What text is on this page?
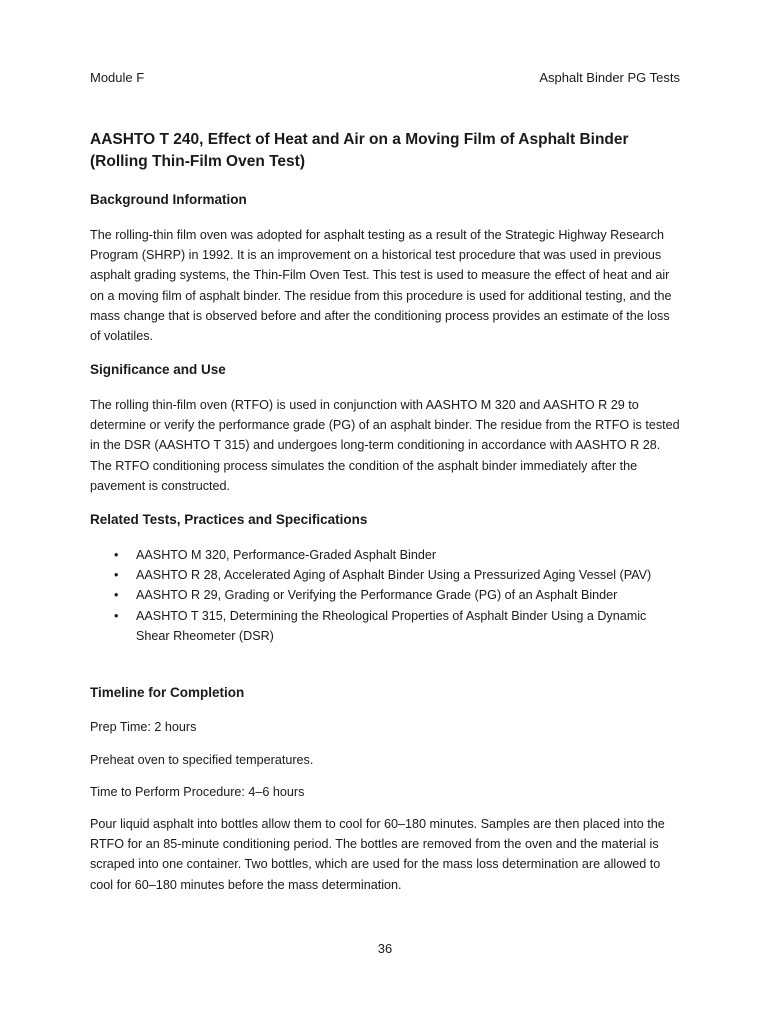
Module F	Asphalt Binder PG Tests
AASHTO T 240, Effect of Heat and Air on a Moving Film of Asphalt Binder (Rolling Thin-Film Oven Test)
Background Information

The rolling-thin film oven was adopted for asphalt testing as a result of the Strategic Highway Research Program (SHRP) in 1992. It is an improvement on a historical test procedure that was used in previous asphalt grading systems, the Thin-Film Oven Test. This test is used to measure the effect of heat and air on a moving film of asphalt binder. The residue from this procedure is used for additional testing, and the mass change that is observed before and after the conditioning process provides an estimate of the loss of volatiles.

Significance and Use

The rolling thin-film oven (RTFO) is used in conjunction with AASHTO M 320 and AASHTO R 29 to determine or verify the performance grade (PG) of an asphalt binder. The residue from the RTFO is tested in the DSR (AASHTO T 315) and undergoes long-term conditioning in accordance with AASHTO R 28. The RTFO conditioning process simulates the condition of the asphalt binder immediately after the pavement is constructed.

Related Tests, Practices and Specifications
• AASHTO M 320, Performance-Graded Asphalt Binder
• AASHTO R 28, Accelerated Aging of Asphalt Binder Using a Pressurized Aging Vessel (PAV)
• AASHTO R 29, Grading or Verifying the Performance Grade (PG) of an Asphalt Binder
• AASHTO T 315, Determining the Rheological Properties of Asphalt Binder Using a Dynamic Shear Rheometer (DSR)
Timeline for Completion

Prep Time: 2 hours

Preheat oven to specified temperatures.

Time to Perform Procedure: 4–6 hours

Pour liquid asphalt into bottles allow them to cool for 60–180 minutes. Samples are then placed into the RTFO for an 85-minute conditioning period. The bottles are removed from the oven and the material is scraped into one container. Two bottles, which are used for the mass loss determination are allowed to cool for 60–180 minutes before the mass determination.

36
